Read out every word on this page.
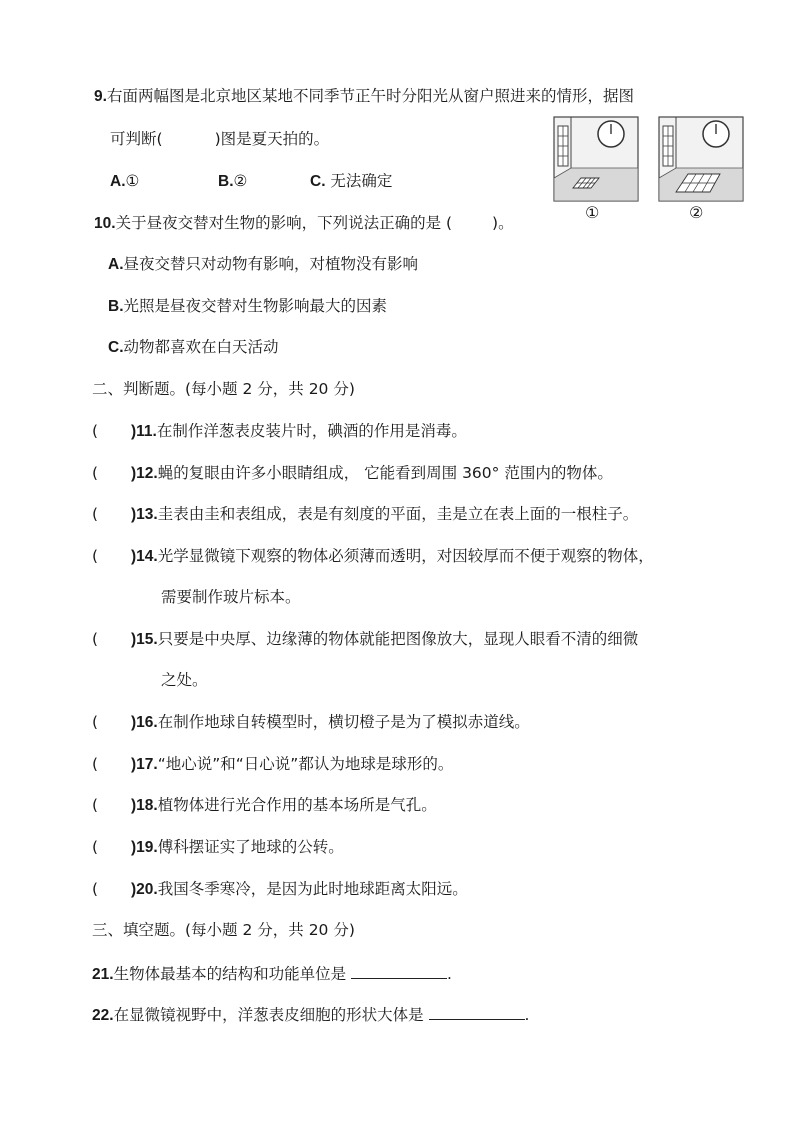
9.右面两幅图是北京地区某地不同季节正午时分阳光从窗户照进来的情形，据图
可判断(	)图是夏天拍的。
A.①	B.②	C. 无法确定
①	②
10.关于昼夜交替对生物的影响，下列说法正确的是 (	)。
A.昼夜交替只对动物有影响，对植物没有影响
B.光照是昼夜交替对生物影响最大的因素
C.动物都喜欢在白天活动
二、判断题。(每小题 2 分，共 20 分)
( )11.在制作洋葱表皮装片时，碘酒的作用是消毒。
( )12.蝇的复眼由许多小眼睛组成， 它能看到周围 360° 范围内的物体。
( )13.圭表由圭和表组成，表是有刻度的平面，圭是立在表上面的一根柱子。
( )14.光学显微镜下观察的物体必须薄而透明，对因较厚而不便于观察的物体，
需要制作玻片标本。
( )15.只要是中央厚、边缘薄的物体就能把图像放大，显现人眼看不清的细微
之处。
( )16.在制作地球自转模型时，横切橙子是为了模拟赤道线。
( )17.“地心说”和“日心说”都认为地球是球形的。
( )18.植物体进行光合作用的基本场所是气孔。
( )19.傅科摆证实了地球的公转。
( )20.我国冬季寒冷，是因为此时地球距离太阳远。
三、填空题。(每小题 2 分，共 20 分)
21.生物体最基本的结构和功能单位是	.
22.在显微镜视野中，洋葱表皮细胞的形状大体是	.
